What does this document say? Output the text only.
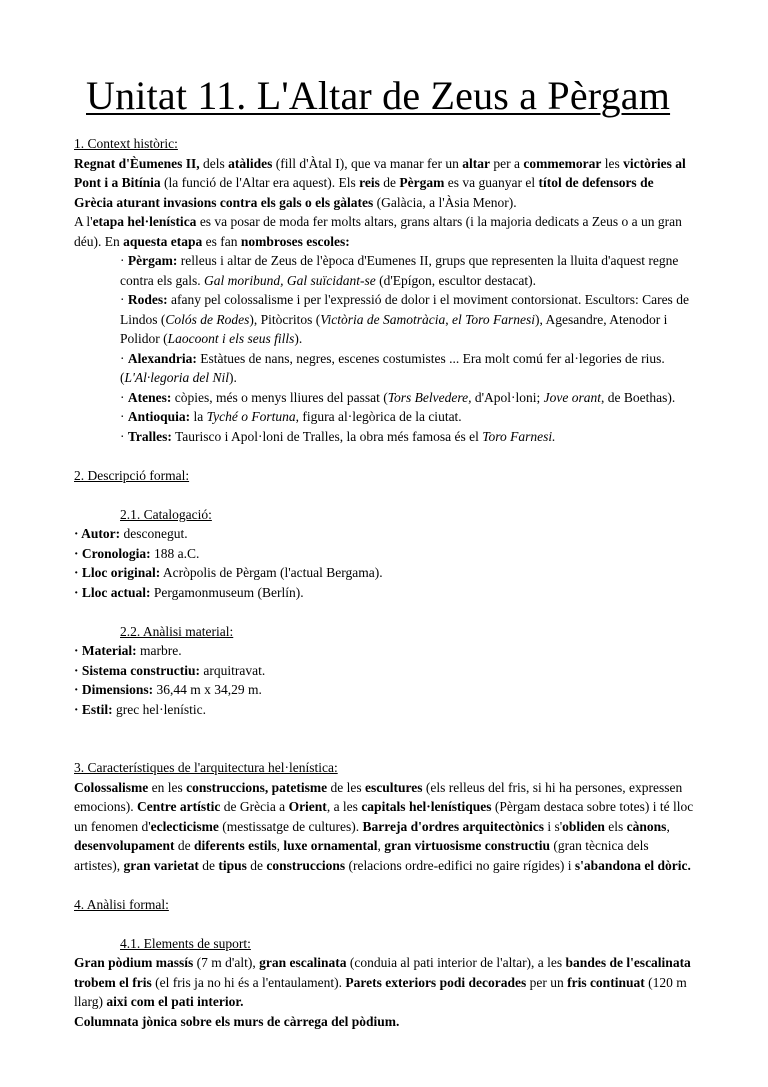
Unitat 11. L'Altar de Zeus a Pèrgam

1. Context històric:

Regnat d'Èumenes II, dels atàlides (fill d'Àtal I), que va manar fer un altar per a commemorar les victòries al Pont i a Bitínia (la funció de l'Altar era aquest). Els reis de Pèrgam es va guanyar el títol de defensors de Grècia aturant invasions contra els gals o els gàlates (Galàcia, a l'Àsia Menor).

A l'etapa hel·lenística es va posar de moda fer molts altars, grans altars (i la majoria dedicats a Zeus o a un gran déu). En aquesta etapa es fan nombroses escoles:

· Pèrgam: relleus i altar de Zeus de l'època d'Eumenes II, grups que representen la lluita d'aquest regne contra els gals. Gal moribund, Gal suïcidant-se (d'Epígon, escultor destacat).

· Rodes: afany pel colossalisme i per l'expressió de dolor i el moviment contorsionat. Escultors: Cares de Lindos (Colós de Rodes), Pitòcritos (Victòria de Samotràcia, el Toro Farnesi), Agesandre, Atenodor i Polidor (Laocoont i els seus fills).

· Alexandria: Estàtues de nans, negres, escenes costumistes ... Era molt comú fer al·legories de rius. (L'Al·legoria del Nil).

· Atenes: còpies, més o menys lliures del passat (Tors Belvedere, d'Apol·loni; Jove orant, de Boethas).

· Antioquia: la Tyché o Fortuna, figura al·legòrica de la ciutat.

· Tralles: Taurisco i Apol·loni de Tralles, la obra més famosa és el Toro Farnesi.

2. Descripció formal:

2.1. Catalogació:

· Autor: desconegut.

· Cronologia: 188 a.C.

· Lloc original: Acròpolis de Pèrgam (l'actual Bergama).

· Lloc actual: Pergamonmuseum (Berlín).

2.2. Anàlisi material:

· Material: marbre.

· Sistema constructiu: arquitravat.

· Dimensions: 36,44 m x 34,29 m.

· Estil: grec hel·lenístic.

3. Característiques de l'arquitectura hel·lenística:

Colossalisme en les construccions, patetisme de les escultures (els relleus del fris, si hi ha persones, expressen emocions). Centre artístic de Grècia a Orient, a les capitals hel·lenístiques (Pèrgam destaca sobre totes) i té lloc un fenomen d'eclecticisme (mestissatge de cultures). Barreja d'ordres arquitectònics i s'obliden els cànons, desenvolupament de diferents estils, luxe ornamental, gran virtuosisme constructiu (gran tècnica dels artistes), gran varietat de tipus de construccions (relacions ordre-edifici no gaire rígides) i s'abandona el dòric.

4. Anàlisi formal:

4.1. Elements de suport:

Gran pòdium massís (7 m d'alt), gran escalinata (conduia al pati interior de l'altar), a les bandes de l'escalinata trobem el fris (el fris ja no hi és a l'entaulament). Parets exteriors podi decorades per un fris continuat (120 m llarg) aixi com el pati interior.

Columnata jònica sobre els murs de càrrega del pòdium.
